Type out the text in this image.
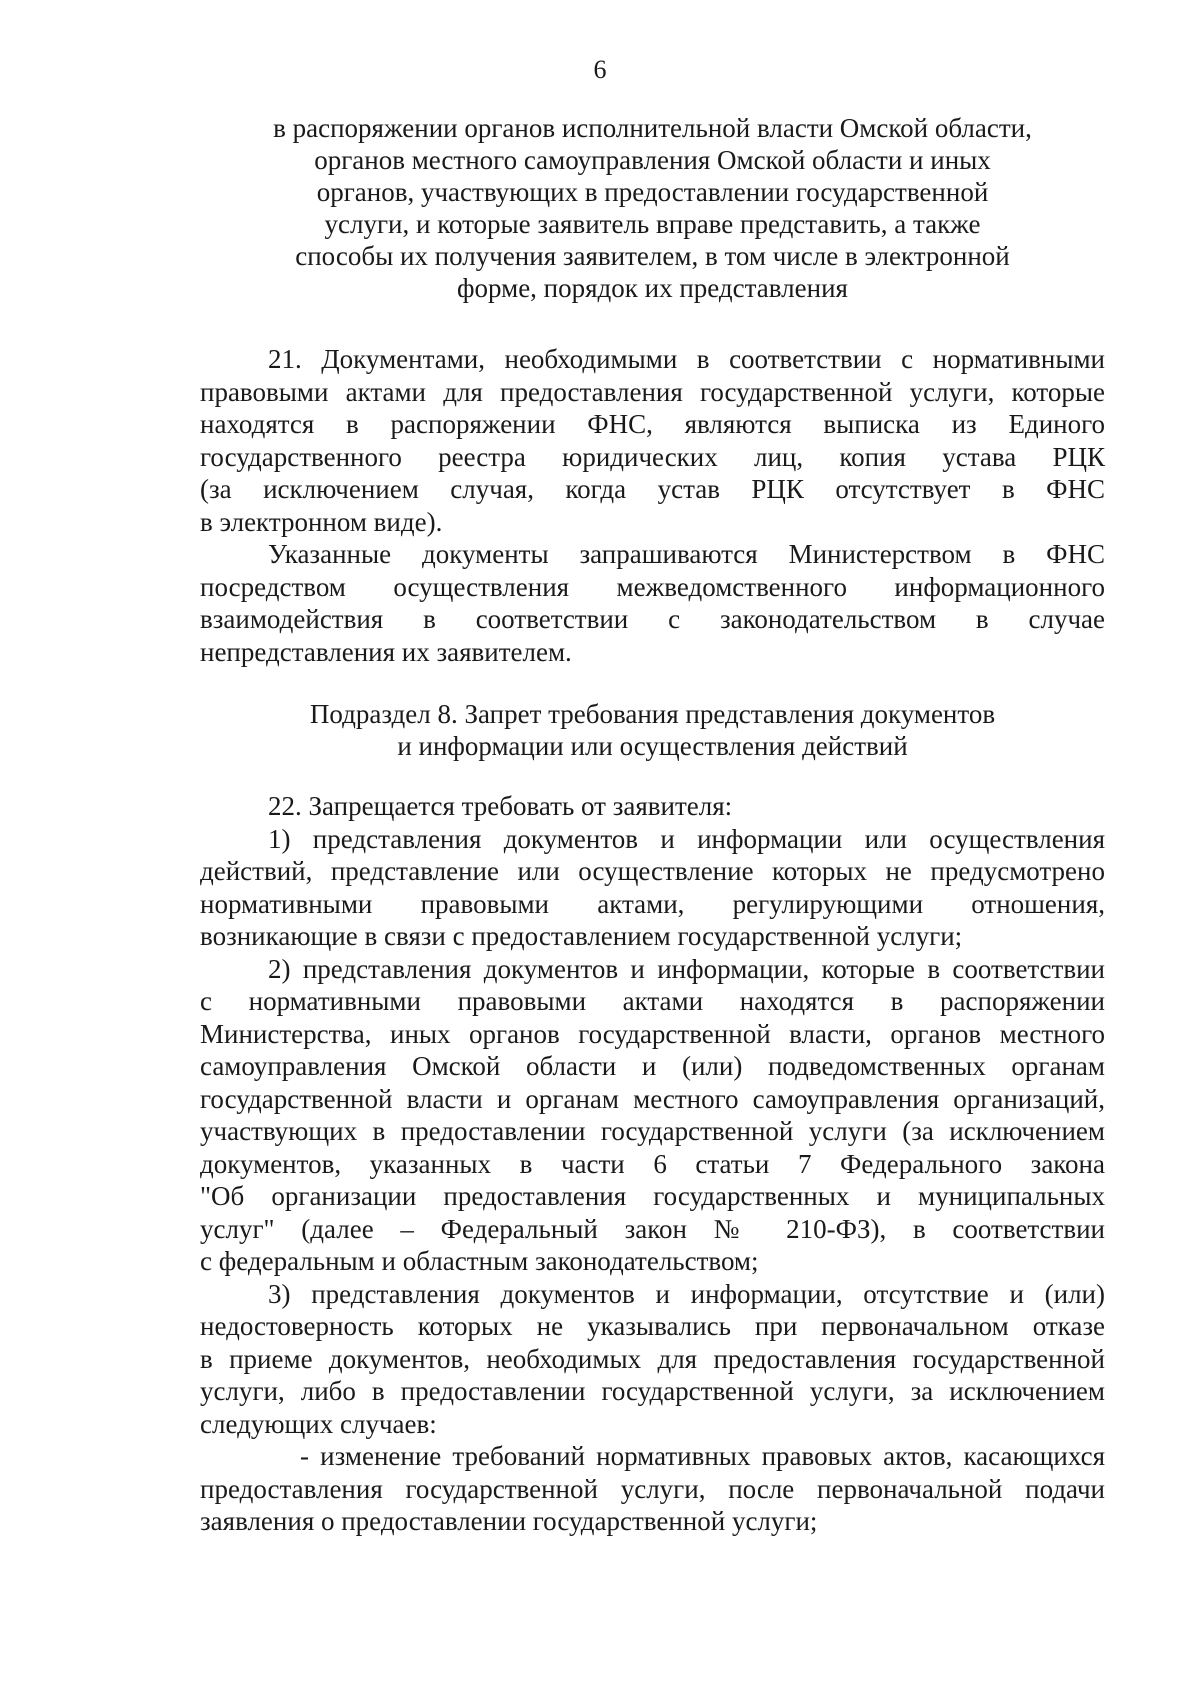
6
в распоряжении органов исполнительной власти Омской области,
органов местного самоуправления Омской области и иных
органов, участвующих в предоставлении государственной
услуги, и которые заявитель вправе представить, а также
способы их получения заявителем, в том числе в электронной
форме, порядок их представления
21. Документами, необходимыми в соответствии с нормативными
правовыми актами для предоставления государственной услуги, которые
находятся в распоряжении ФНС, являются выписка из Единого
государственного реестра юридических лиц, копия устава РЦК
(за исключением случая, когда устав РЦК отсутствует в ФНС
в электронном виде).
Указанные документы запрашиваются Министерством в ФНС
посредством осуществления межведомственного информационного
взаимодействия в соответствии с законодательством в случае
непредставления их заявителем.
Подраздел 8. Запрет требования представления документов
и информации или осуществления действий
22. Запрещается требовать от заявителя:
1) представления документов и информации или осуществления
действий, представление или осуществление которых не предусмотрено
нормативными правовыми актами, регулирующими отношения,
возникающие в связи с предоставлением государственной услуги;
2) представления документов и информации, которые в соответствии
с нормативными правовыми актами находятся в распоряжении
Министерства, иных органов государственной власти, органов местного
самоуправления Омской области и (или) подведомственных органам
государственной власти и органам местного самоуправления организаций,
участвующих в предоставлении государственной услуги (за исключением
документов, указанных в части 6 статьи 7 Федерального закона
"Об организации предоставления государственных и муниципальных
услуг" (далее – Федеральный закон № 210-ФЗ), в соответствии
с федеральным и областным законодательством;
3) представления документов и информации, отсутствие и (или)
недостоверность которых не указывались при первоначальном отказе
в приеме документов, необходимых для предоставления государственной
услуги, либо в предоставлении государственной услуги, за исключением
следующих случаев:
- изменение требований нормативных правовых актов, касающихся
предоставления государственной услуги, после первоначальной подачи
заявления о предоставлении государственной услуги;
